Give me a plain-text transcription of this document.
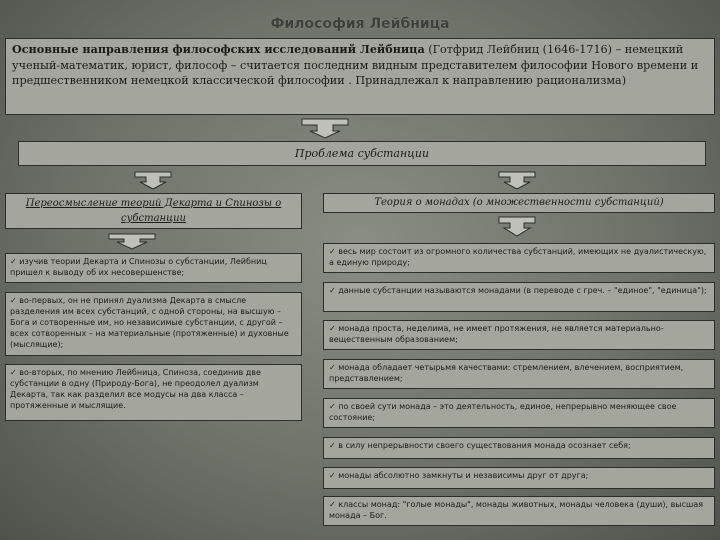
Философия Лейбница
Основные направления философских исследований Лейбница (Готфрид Лейбниц (1646-1716) – немецкий ученый-математик, юрист, философ – считается последним видным представителем философии Нового времени и предшественником немецкой классической философии . Принадлежал к направлению рационализма)
Проблема субстанции
Переосмысление теорий Декарта и Спинозы о субстанции
Теория о монадах (о множественности субстанций)
✓ изучив теории Декарта и Спинозы о субстанции, Лейбниц пришел к выводу об их несовершенстве;
✓ во-первых, он не принял дуализма Декарта в смысле разделения им всех субстанций, с одной стороны, на высшую – Бога и сотворенные им, но независимые субстанции, с другой – всех сотворенных – на материальные (протяженные) и духовные (мыслящие);
✓ во-вторых, по мнению Лейбница, Спиноза, соединив две субстанции в одну (Природу-Бога), не преодолел дуализм Декарта, так как разделил все модусы на два класса – протяженные и мыслящие.
✓ весь мир состоит из огромного количества субстанций, имеющих не дуалистическую, а единую природу;
✓ данные субстанции называются монадами (в переводе с греч. – "единое", "единица");
✓ монада проста, неделима, не имеет протяжения, не является материально-вещественным образованием;
✓ монада обладает четырьмя качествами: стремлением, влечением, восприятием, представлением;
✓ по своей сути монада – это деятельность, единое, непрерывно меняющее свое состояние;
✓ в силу непрерывности своего существования монада осознает себя;
✓ монады абсолютно замкнуты и независимы друг от друга;
✓ классы монад: "голые монады", монады животных, монады человека (души), высшая монада – Бог.
